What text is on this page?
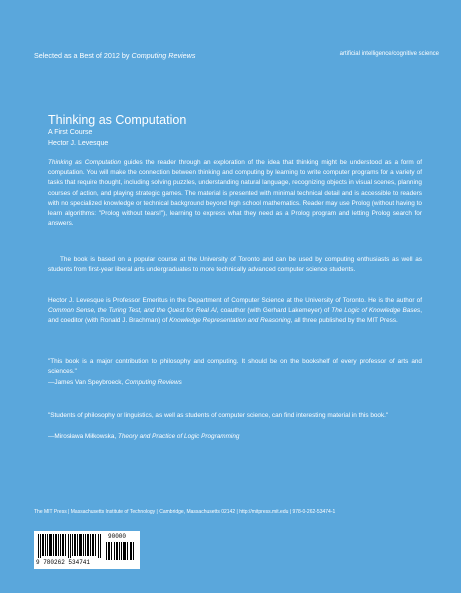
Selected as a Best of 2012 by Computing Reviews	artificial intelligence/cognitive science
Thinking as Computation
A First Course
Hector J. Levesque
Thinking as Computation guides the reader through an exploration of the idea that thinking might be understood as a form of computation. You will make the connection between thinking and computing by learning to write computer programs for a variety of tasks that require thought, including solving puzzles, understanding natural language, recognizing objects in visual scenes, planning courses of action, and playing strategic games. The material is presented with minimal technical detail and is accessible to readers with no specialized knowledge or technical background beyond high school mathematics. Reader may use Prolog (without having to learn algorithms: "Prolog without tears!"), learning to express what they need as a Prolog program and letting Prolog search for answers.
The book is based on a popular course at the University of Toronto and can be used by computing enthusiasts as well as students from first-year liberal arts undergraduates to more technically advanced computer science students.
Hector J. Levesque is Professor Emeritus in the Department of Computer Science at the University of Toronto. He is the author of Common Sense, the Turing Test, and the Quest for Real AI, coauthor (with Gerhard Lakemeyer) of The Logic of Knowledge Bases, and coeditor (with Ronald J. Brachman) of Knowledge Representation and Reasoning, all three published by the MIT Press.
"This book is a major contribution to philosophy and computing. It should be on the bookshelf of every professor of arts and sciences."
—James Van Speybroeck, Computing Reviews
"Students of philosophy or linguistics, as well as students of computer science, can find interesting material in this book."
—Mirosława Miłkowska, Theory and Practice of Logic Programming
The MIT Press | Massachusetts Institute of Technology | Cambridge, Massachusetts 02142 | http://mitpress.mit.edu | 978-0-262-53474-1
9 780262 534741
90000
